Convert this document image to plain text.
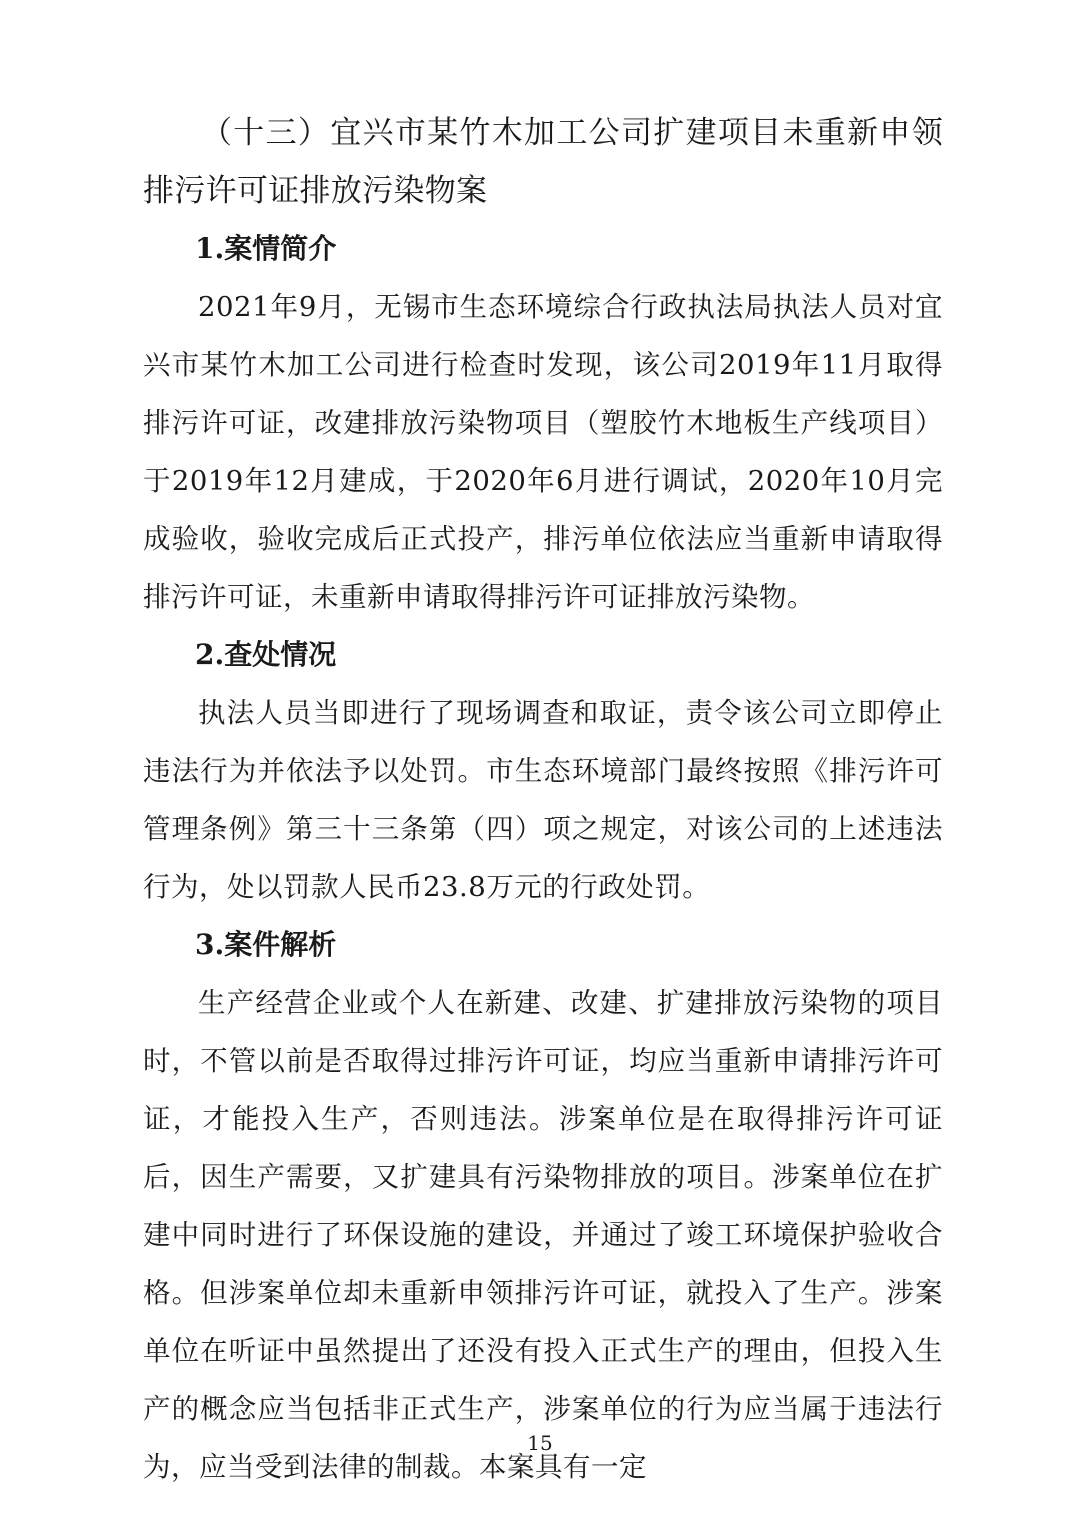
（十三）宜兴市某竹木加工公司扩建项目未重新申领排污许可证排放污染物案

1.案情简介

2021年9月，无锡市生态环境综合行政执法局执法人员对宜兴市某竹木加工公司进行检查时发现，该公司2019年11月取得排污许可证，改建排放污染物项目（塑胶竹木地板生产线项目）于2019年12月建成，于2020年6月进行调试，2020年10月完成验收，验收完成后正式投产，排污单位依法应当重新申请取得排污许可证，未重新申请取得排污许可证排放污染物。

2.查处情况

执法人员当即进行了现场调查和取证，责令该公司立即停止违法行为并依法予以处罚。市生态环境部门最终按照《排污许可管理条例》第三十三条第（四）项之规定，对该公司的上述违法行为，处以罚款人民币23.8万元的行政处罚。

3.案件解析

生产经营企业或个人在新建、改建、扩建排放污染物的项目时，不管以前是否取得过排污许可证，均应当重新申请排污许可证，才能投入生产，否则违法。涉案单位是在取得排污许可证后，因生产需要，又扩建具有污染物排放的项目。涉案单位在扩建中同时进行了环保设施的建设，并通过了竣工环境保护验收合格。但涉案单位却未重新申领排污许可证，就投入了生产。涉案单位在听证中虽然提出了还没有投入正式生产的理由，但投入生产的概念应当包括非正式生产，涉案单位的行为应当属于违法行为，应当受到法律的制裁。本案具有一定

15
